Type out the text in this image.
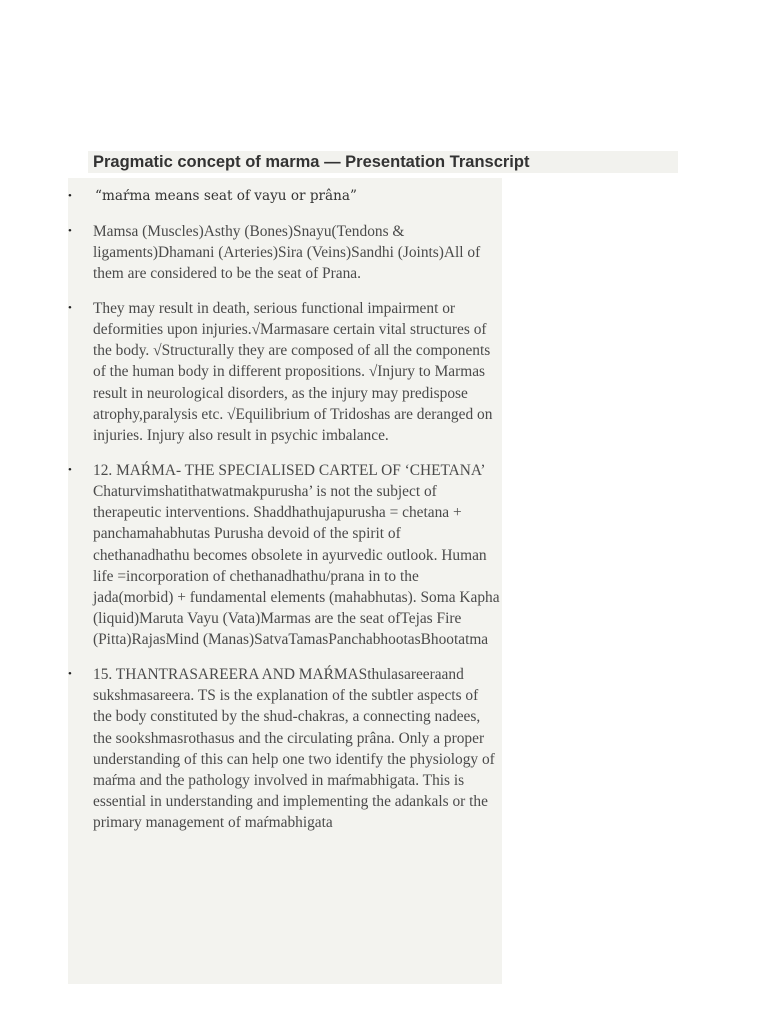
Pragmatic concept of marma — Presentation Transcript
• “maŕma means seat of vayu or prâna”
• Mamsa (Muscles)Asthy (Bones)Snayu(Tendons & ligaments)Dhamani (Arteries)Sira (Veins)Sandhi (Joints)All of them are considered to be the seat of Prana.
• They may result in death, serious functional impairment or deformities upon injuries.√Marmasare certain vital structures of the body. √Structurally they are composed of all the components of the human body in different propositions. √Injury to Marmas result in neurological disorders, as the injury may predispose atrophy,paralysis etc. √Equilibrium of Tridoshas are deranged on injuries. Injury also result in psychic imbalance.
• 12. MAŔMA- THE SPECIALISED CARTEL OF ‘CHETANA’ Chaturvimshatithatwatmakpurusha’ is not the subject of therapeutic interventions. Shaddhathujapurusha = chetana + panchamahabhutas Purusha devoid of the spirit of chethanadhathu becomes obsolete in ayurvedic outlook. Human life =incorporation of chethanadhathu/prana in to the jada(morbid) + fundamental elements (mahabhutas). Soma Kapha (liquid)Maruta Vayu (Vata)Marmas are the seat ofTejas Fire (Pitta)RajasMind (Manas)SatvaTamasPanchabhootasBhootatma
• 15. THANTRASAREERA AND MAŔMASthulasareeraand sukshmasareera. TS is the explanation of the subtler aspects of the body constituted by the shud-chakras, a connecting nadees, the sookshmasrothasus and the circulating prâna. Only a proper understanding of this can help one two identify the physiology of maŕma and the pathology involved in maŕmabhigata. This is essential in understanding and implementing the adankals or the primary management of maŕmabhigata
